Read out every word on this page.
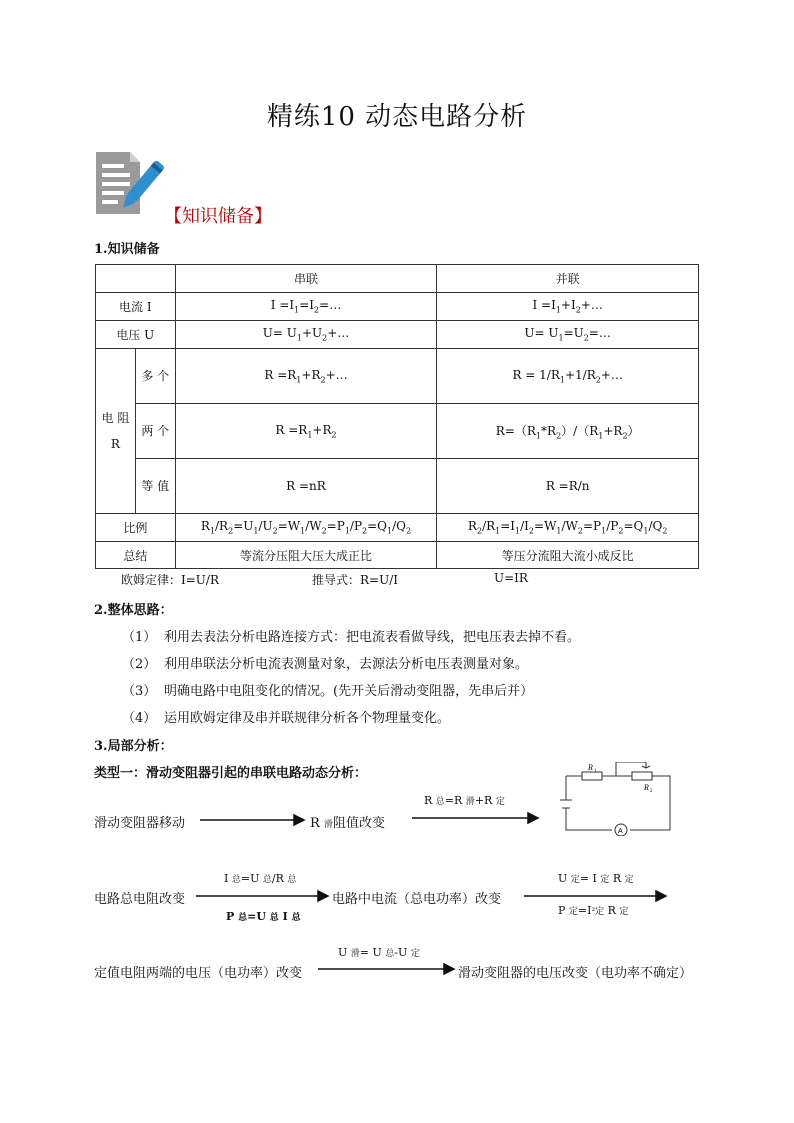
精练10 动态电路分析
【知识储备】
1.知识储备
		串联	并联
电流 I		$I =I_1=I_2=\dots$	$I =I_1+I_2+\dots$
电压 U		$U= U_1+U_2+\dots$	$U= U_1=U_2=\dots$
电 阻 R	多 个	$R =R_1+R_2+\dots$	$R = 1/R_1+1/R_2+\dots$
	两 个	$R =R_1+R_2$	$R=(R_1*R_2)/(R_1+R_2)$
	等 值	R =nR	R =R/n
比例		$R_1/R_2=U_1/U_2=W_1/W_2=P_1/P_2=Q_1/Q_2$	$R_2/R_1=I_1/I_2=W_1/W_2=P_1/P_2=Q_1/Q_2$
总结		等流分压阻大压大成正比	等压分流阻大流小成反比
欧姆定律：I=U/R	推导式：R=U/I	U=IR
2.整体思路：
（1） 利用去表法分析电路连接方式：把电流表看做导线，把电压表去掉不看。
（2） 利用串联法分析电流表测量对象，去源法分析电压表测量对象。
（3） 明确电路中电阻变化的情况。(先开关后滑动变阻器，先串后并）
（4） 运用欧姆定律及串并联规律分析各个物理量变化。
3.局部分析：
类型一：滑动变阻器引起的串联电路动态分析：	R 1
R 2
A
滑动变阻器移动	R 滑阻值改变
R 总=R 滑+R 定
电路总电阻改变
I 总=U 总/R 总
P 总=U 总 I 总
电路中电流（总电功率）改变
U 定= I 定 R 定
P 定=I²定 R 定
定值电阻两端的电压（电功率）改变
U 滑= U 总-U 定
滑动变阻器的电压改变（电功率不确定）
